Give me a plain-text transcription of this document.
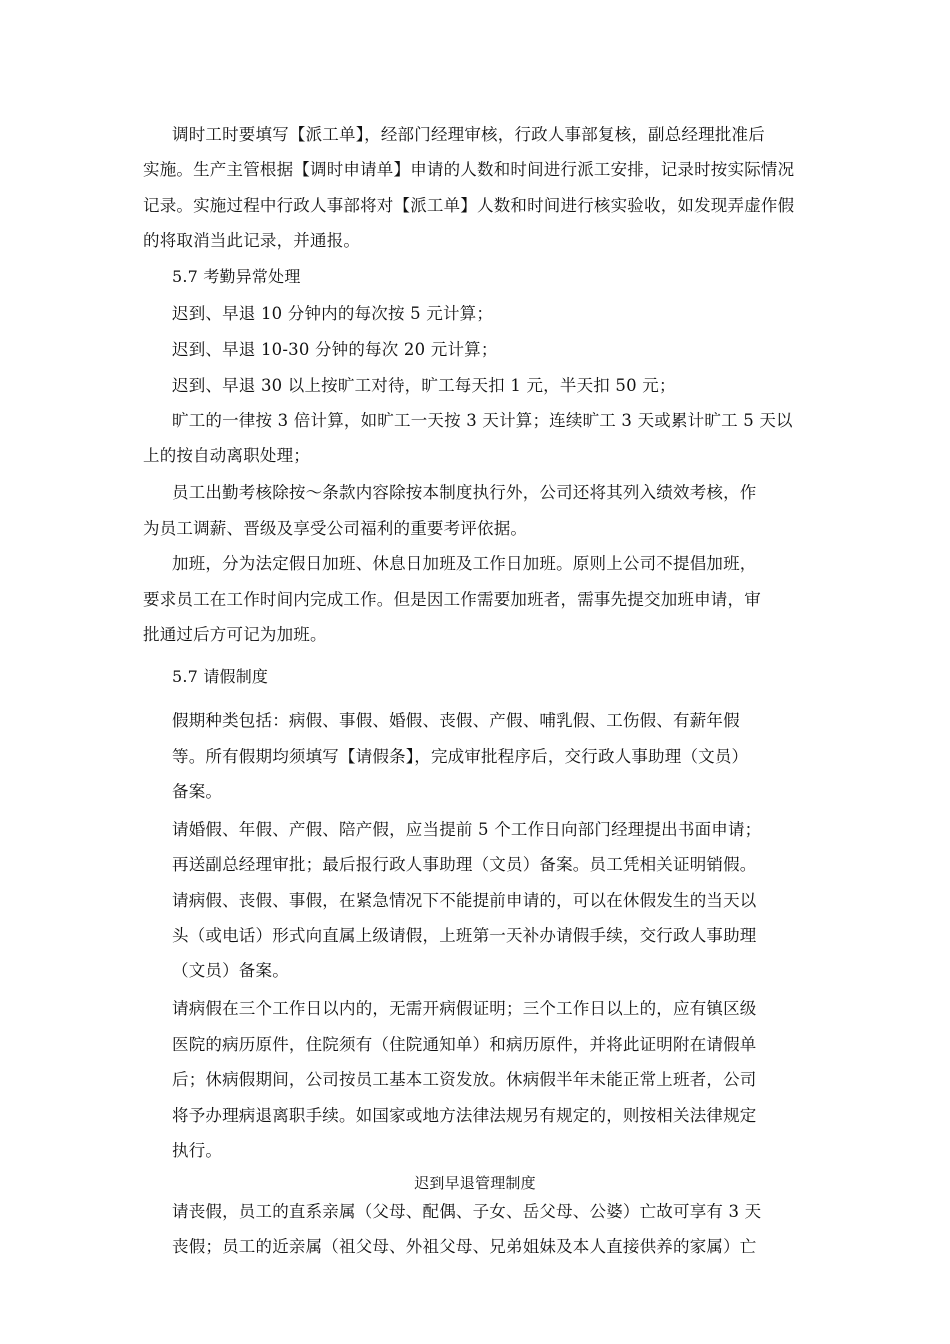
调时工时要填写【派工单】，经部门经理审核，行政人事部复核，副总经理批准后
实施。生产主管根据【调时申请单】申请的人数和时间进行派工安排，记录时按实际情况
记录。实施过程中行政人事部将对【派工单】人数和时间进行核实验收，如发现弄虚作假
的将取消当此记录，并通报。
5.7 考勤异常处理
迟到、早退 10 分钟内的每次按 5 元计算；
迟到、早退 10-30 分钟的每次 20 元计算；
迟到、早退 30 以上按旷工对待，旷工每天扣 1 元，半天扣 50 元；
旷工的一律按 3 倍计算，如旷工一天按 3 天计算；连续旷工 3 天或累计旷工 5 天以
上的按自动离职处理；
员工出勤考核除按〜条款内容除按本制度执行外，公司还将其列入绩效考核，作
为员工调薪、晋级及享受公司福利的重要考评依据。
加班，分为法定假日加班、休息日加班及工作日加班。原则上公司不提倡加班，
要求员工在工作时间内完成工作。但是因工作需要加班者，需事先提交加班申请，审
批通过后方可记为加班。
5.7 请假制度
假期种类包括：病假、事假、婚假、丧假、产假、哺乳假、工伤假、有薪年假
等。所有假期均须填写【请假条】，完成审批程序后，交行政人事助理（文员）
备案。
请婚假、年假、产假、陪产假，应当提前 5 个工作日向部门经理提出书面申请；
再送副总经理审批；最后报行政人事助理（文员）备案。员工凭相关证明销假。
请病假、丧假、事假，在紧急情况下不能提前申请的，可以在休假发生的当天以
头（或电话）形式向直属上级请假，上班第一天补办请假手续，交行政人事助理
（文员）备案。
请病假在三个工作日以内的，无需开病假证明；三个工作日以上的，应有镇区级
医院的病历原件，住院须有（住院通知单）和病历原件，并将此证明附在请假单
后；休病假期间，公司按员工基本工资发放。休病假半年未能正常上班者，公司
将予办理病退离职手续。如国家或地方法律法规另有规定的，则按相关法律规定
执行。
迟到早退管理制度
请丧假，员工的直系亲属（父母、配偶、子女、岳父母、公婆）亡故可享有 3 天
丧假；员工的近亲属（祖父母、外祖父母、兄弟姐妹及本人直接供养的家属）亡
